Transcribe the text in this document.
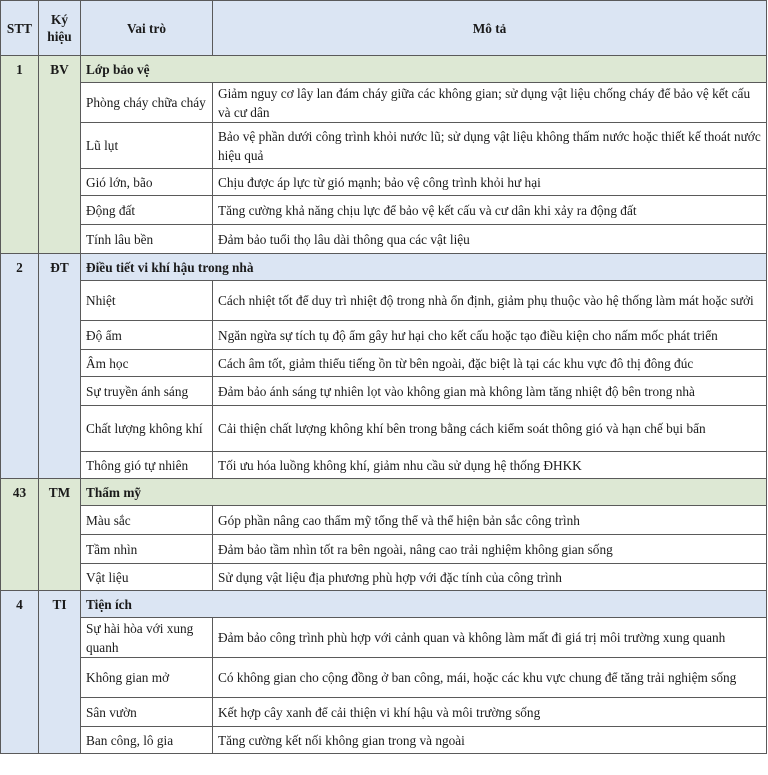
STT	Ký hiệu	Vai trò	Mô tả
1	BV	Lớp bảo vệ	
		Phòng cháy chữa cháy	Giảm nguy cơ lây lan đám cháy giữa các không gian; sử dụng vật liệu chống cháy để bảo vệ kết cấu và cư dân
		Lũ lụt	Bảo vệ phần dưới công trình khỏi nước lũ; sử dụng vật liệu không thấm nước hoặc thiết kế thoát nước hiệu quả
		Gió lớn, bão	Chịu được áp lực từ gió mạnh; bảo vệ công trình khỏi hư hại
		Động đất	Tăng cường khả năng chịu lực để bảo vệ kết cấu và cư dân khi xảy ra động đất
		Tính lâu bền	Đảm bảo tuổi thọ lâu dài thông qua các vật liệu
2	ĐT	Điều tiết vi khí hậu trong nhà	
		Nhiệt	Cách nhiệt tốt để duy trì nhiệt độ trong nhà ổn định, giảm phụ thuộc vào hệ thống làm mát hoặc sưởi
		Độ ẩm	Ngăn ngừa sự tích tụ độ ẩm gây hư hại cho kết cấu hoặc tạo điều kiện cho nấm mốc phát triển
		Âm học	Cách âm tốt, giảm thiểu tiếng ồn từ bên ngoài, đặc biệt là tại các khu vực đô thị đông đúc
		Sự truyền ánh sáng	Đảm bảo ánh sáng tự nhiên lọt vào không gian mà không làm tăng nhiệt độ bên trong nhà
		Chất lượng không khí	Cải thiện chất lượng không khí bên trong bằng cách kiểm soát thông gió và hạn chế bụi bẩn
		Thông gió tự nhiên	Tối ưu hóa luồng không khí, giảm nhu cầu sử dụng hệ thống ĐHKK
43	TM	Thẩm mỹ	
		Màu sắc	Góp phần nâng cao thẩm mỹ tổng thể và thể hiện bản sắc công trình
		Tầm nhìn	Đảm bảo tầm nhìn tốt ra bên ngoài, nâng cao trải nghiệm không gian sống
		Vật liệu	Sử dụng vật liệu địa phương phù hợp với đặc tính của công trình
4	TI	Tiện ích	
		Sự hài hòa với xung quanh	Đảm bảo công trình phù hợp với cảnh quan và không làm mất đi giá trị môi trường xung quanh
		Không gian mở	Có không gian cho cộng đồng ở ban công, mái, hoặc các khu vực chung để tăng trải nghiệm sống
		Sân vườn	Kết hợp cây xanh để cải thiện vi khí hậu và môi trường sống
		Ban công, lô gia	Tăng cường kết nối không gian trong và ngoài
